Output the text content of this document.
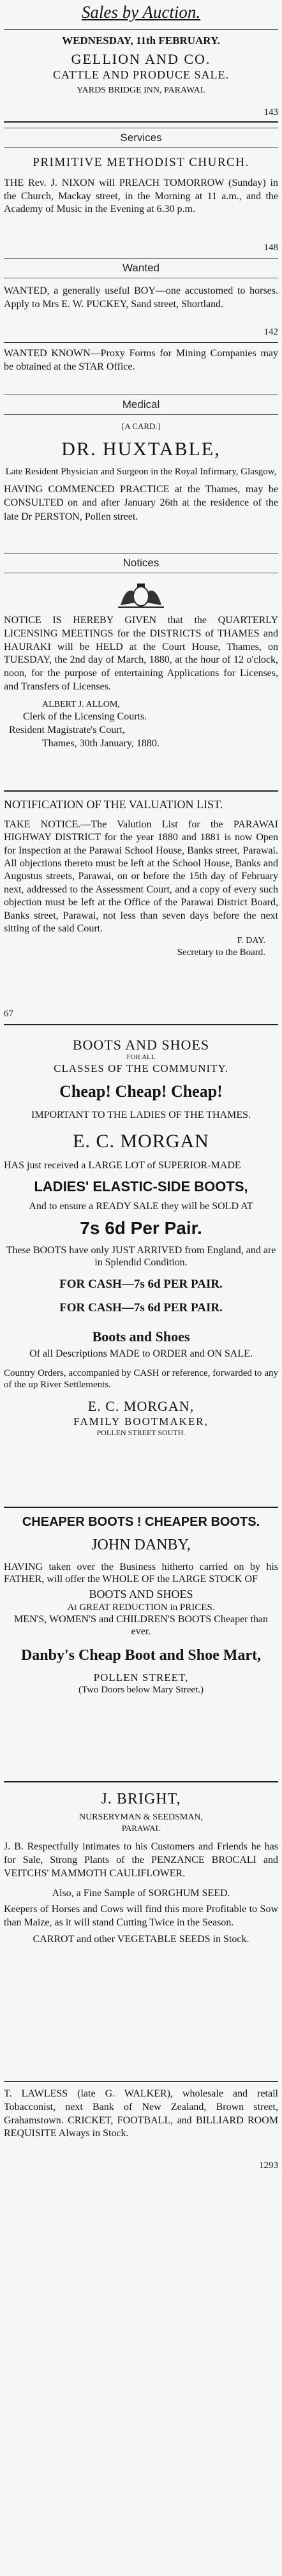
Sales by Auction.

WEDNESDAY, 11th FEBRUARY.

GELLION AND CO.

CATTLE AND PRODUCE SALE.

YARDS BRIDGE INN, PARAWAI.

143
Services

PRIMITIVE METHODIST CHURCH.

THE Rev. J. NIXON will PREACH TOMORROW (Sunday) in the Church, Mackay street, in the Morning at 11 a.m., and the Academy of Music in the Evening at 6.30 p.m.

148
Wanted

WANTED, a generally useful BOY—one accustomed to horses. Apply to Mrs E. W. PUCKEY, Sand street, Shortland.

142

WANTED KNOWN—Proxy Forms for Mining Companies may be obtained at the STAR Office.

Medical

[A CARD.]

DR. HUXTABLE,

Late Resident Physician and Surgeon in the Royal Infirmary, Glasgow,

HAVING COMMENCED PRACTICE at the Thames, may be CONSULTED on and after January 26th at the residence of the late Dr PERSTON, Pollen street.

Notices

NOTICE IS HEREBY GIVEN that the QUARTERLY LICENSING MEETINGS for the DISTRICTS of THAMES and HAURAKI will be HELD at the Court House, Thames, on TUESDAY, the 2nd day of March, 1880, at the hour of 12 o'clock, noon, for the purpose of entertaining Applications for Licenses, and Transfers of Licenses.

ALBERT J. ALLOM,

Clerk of the Licensing Courts.

Resident Magistrate's Court,

Thames, 30th January, 1880.

NOTIFICATION OF THE VALUATION LIST.

TAKE NOTICE.—The Valution List for the PARAWAI HIGHWAY DISTRICT for the year 1880 and 1881 is now Open for Inspection at the Parawai School House, Banks street, Parawai. All objections thereto must be left at the School House, Banks and Augustus streets, Parawai, on or before the 15th day of February next, addressed to the Assessment Court, and a copy of every such objection must be left at the Office of the Parawai District Board, Banks street, Parawai, not less than seven days before the next sitting of the said Court.

F. DAY.

Secretary to the Board.

67

BOOTS AND SHOES

FOR ALL

CLASSES OF THE COMMUNITY.

Cheap! Cheap! Cheap!

IMPORTANT TO THE LADIES OF THE THAMES.

E. C. MORGAN

HAS just received a LARGE LOT of SUPERIOR-MADE

LADIES' ELASTIC-SIDE BOOTS,

And to ensure a READY SALE they will be SOLD AT

7s 6d Per Pair.

These BOOTS have only JUST ARRIVED from England, and are in Splendid Condition.

FOR CASH—7s 6d PER PAIR.

FOR CASH—7s 6d PER PAIR.

Boots and Shoes

Of all Descriptions MADE to ORDER and ON SALE.

Country Orders, accompanied by CASH or reference, forwarded to any of the up River Settlements.

E. C. MORGAN,

FAMILY BOOTMAKER,

POLLEN STREET SOUTH.

CHEAPER BOOTS ! CHEAPER BOOTS.

JOHN DANBY,

HAVING taken over the Business hitherto carried on by his FATHER, will offer the WHOLE OF the LARGE STOCK OF

BOOTS AND SHOES

At GREAT REDUCTION in PRICES.

MEN'S, WOMEN'S and CHILDREN'S BOOTS Cheaper than ever.

Danby's Cheap Boot and Shoe Mart,

POLLEN STREET,

(Two Doors below Mary Street.)

J. BRIGHT,

NURSERYMAN & SEEDSMAN,

PARAWAI.

J. B. Respectfully intimates to his Customers and Friends he has for Sale, Strong Plants of the PENZANCE BROCALI and VEITCHS' MAMMOTH CAULIFLOWER.

Also, a Fine Sample of SORGHUM SEED.

Keepers of Horses and Cows will find this more Profitable to Sow than Maize, as it will stand Cutting Twice in the Season.

CARROT and other VEGETABLE SEEDS in Stock.

T. LAWLESS (late G. WALKER), wholesale and retail Tobacconist, next Bank of New Zealand, Brown street, Grahamstown. CRICKET, FOOTBALL, and BILLIARD ROOM REQUISITE Always in Stock.

1293
